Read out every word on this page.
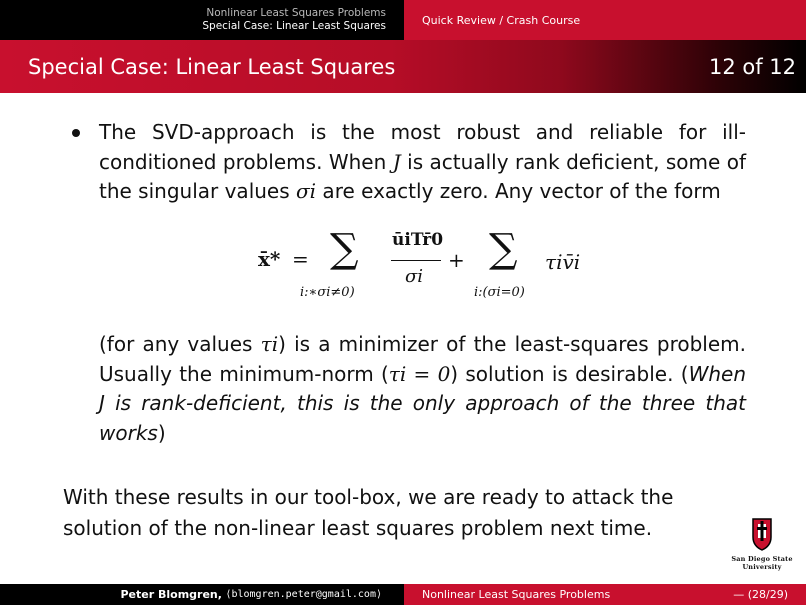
Nonlinear Least Squares Problems
Special Case: Linear Least Squares	Quick Review / Crash Course
Special Case: Linear Least Squares	12 of 12

The SVD-approach is the most robust and reliable for ill-conditioned problems. When J is actually rank deficient, some of the singular values σi are exactly zero. Any vector of the form

x̄* = ∑
i:∗σi≠0)
ūiTr̄0
σi
+ ∑
i:(σi=0)
τiv̄i

(for any values τi) is a minimizer of the least-squares problem. Usually the minimum-norm (τi = 0) solution is desirable. (When J is rank-deficient, this is the only approach of the three that works)

With these results in our tool-box, we are ready to attack the solution of the non-linear least squares problem next time.
San Diego State
University
Peter Blomgren,
⟨blomgren.peter@gmail.com⟩	Nonlinear Least Squares Problems	— (28/29)
